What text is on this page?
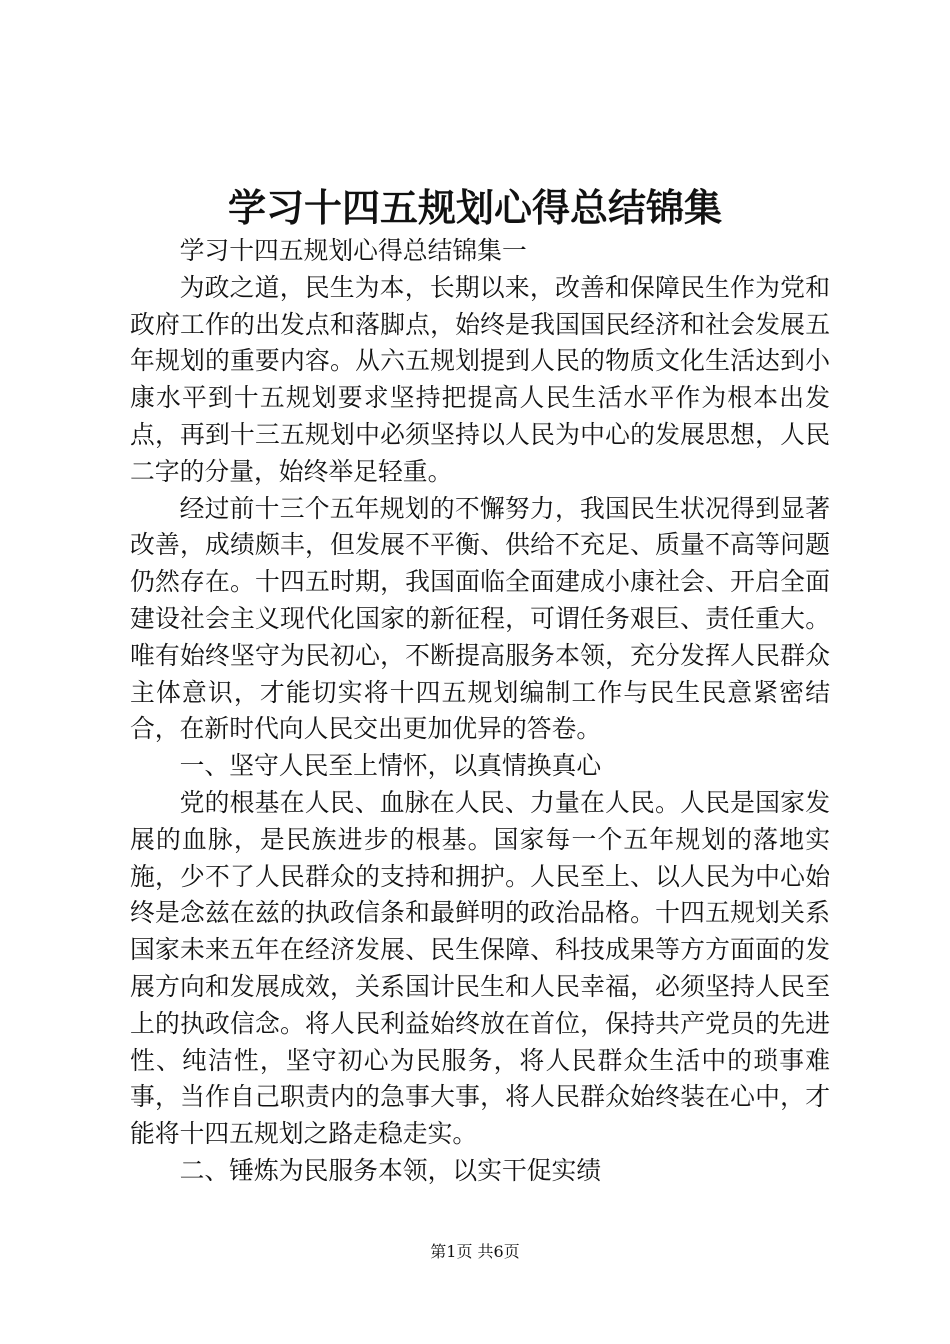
学习十四五规划心得总结锦集

学习十四五规划心得总结锦集一

为政之道，民生为本，长期以来，改善和保障民生作为党和政府工作的出发点和落脚点，始终是我国国民经济和社会发展五年规划的重要内容。从六五规划提到人民的物质文化生活达到小康水平到十五规划要求坚持把提高人民生活水平作为根本出发点，再到十三五规划中必须坚持以人民为中心的发展思想，人民二字的分量，始终举足轻重。

经过前十三个五年规划的不懈努力，我国民生状况得到显著改善，成绩颇丰，但发展不平衡、供给不充足、质量不高等问题仍然存在。十四五时期，我国面临全面建成小康社会、开启全面建设社会主义现代化国家的新征程，可谓任务艰巨、责任重大。唯有始终坚守为民初心，不断提高服务本领，充分发挥人民群众主体意识，才能切实将十四五规划编制工作与民生民意紧密结合，在新时代向人民交出更加优异的答卷。

一、坚守人民至上情怀，以真情换真心

党的根基在人民、血脉在人民、力量在人民。人民是国家发展的血脉，是民族进步的根基。国家每一个五年规划的落地实施，少不了人民群众的支持和拥护。人民至上、以人民为中心始终是念兹在兹的执政信条和最鲜明的政治品格。十四五规划关系国家未来五年在经济发展、民生保障、科技成果等方方面面的发展方向和发展成效，关系国计民生和人民幸福，必须坚持人民至上的执政信念。将人民利益始终放在首位，保持共产党员的先进性、纯洁性，坚守初心为民服务，将人民群众生活中的琐事难事，当作自己职责内的急事大事，将人民群众始终装在心中，才能将十四五规划之路走稳走实。

二、锤炼为民服务本领，以实干促实绩

第1页 共6页
